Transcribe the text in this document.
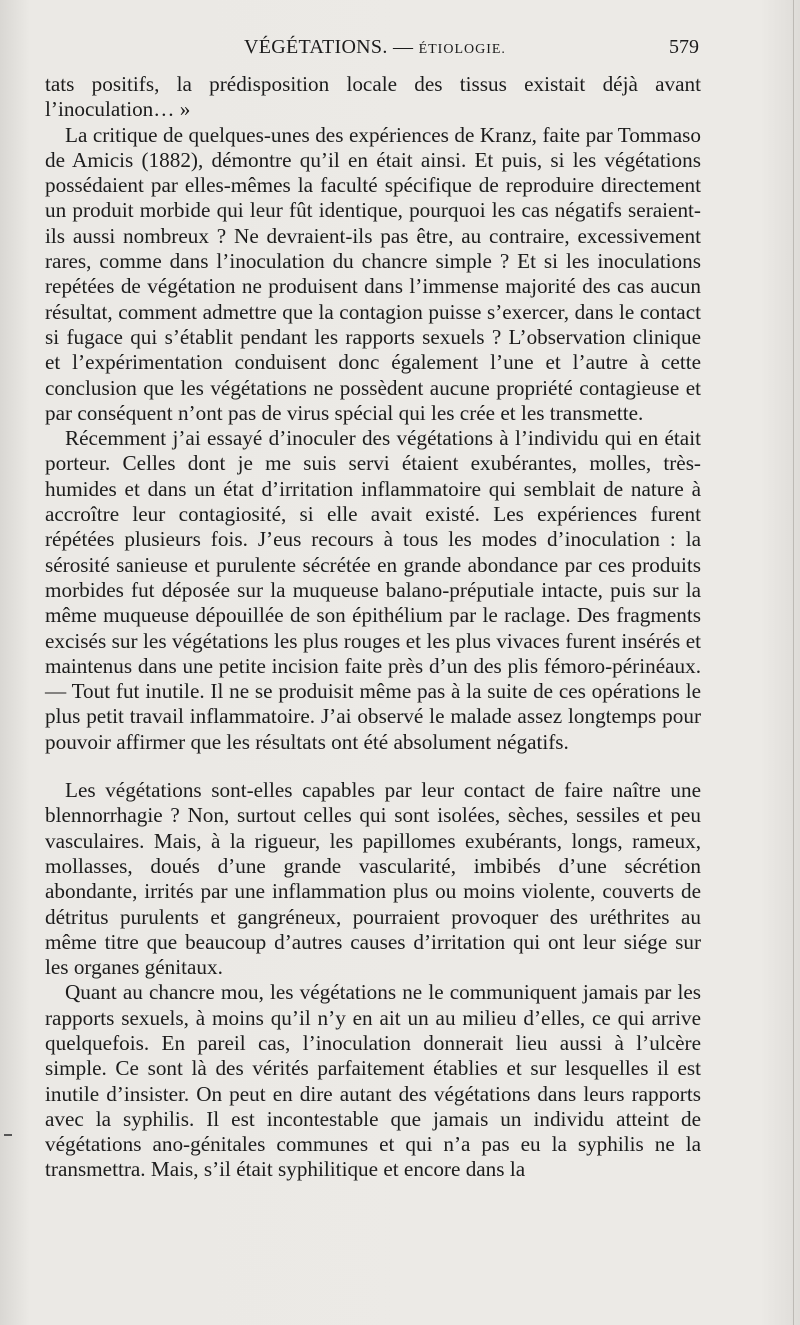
VÉGÉTATIONS. — ÉTIOLOGIE.	579

tats positifs, la prédisposition locale des tissus existait déjà avant l’inoculation… »

La critique de quelques-unes des expériences de Kranz, faite par Tommaso de Amicis (1882), démontre qu’il en était ainsi. Et puis, si les végétations possédaient par elles-mêmes la faculté spécifique de reproduire directement un produit morbide qui leur fût identique, pourquoi les cas négatifs seraient-ils aussi nombreux ? Ne devraient-ils pas être, au contraire, excessivement rares, comme dans l’inoculation du chancre simple ? Et si les inoculations repétées de végétation ne produisent dans l’immense majorité des cas aucun résultat, comment admettre que la contagion puisse s’exercer, dans le contact si fugace qui s’établit pendant les rapports sexuels ? L’observation clinique et l’expérimentation conduisent donc également l’une et l’autre à cette conclusion que les végétations ne possèdent aucune propriété contagieuse et par conséquent n’ont pas de virus spécial qui les crée et les transmette.

Récemment j’ai essayé d’inoculer des végétations à l’individu qui en était porteur. Celles dont je me suis servi étaient exubérantes, molles, très-humides et dans un état d’irritation inflammatoire qui semblait de nature à accroître leur contagiosité, si elle avait existé. Les expériences furent répétées plusieurs fois. J’eus recours à tous les modes d’inoculation : la sérosité sanieuse et purulente sécrétée en grande abondance par ces produits morbides fut déposée sur la muqueuse balano-préputiale intacte, puis sur la même muqueuse dépouillée de son épithélium par le raclage. Des fragments excisés sur les végétations les plus rouges et les plus vivaces furent insérés et maintenus dans une petite incision faite près d’un des plis fémoro-périnéaux. — Tout fut inutile. Il ne se produisit même pas à la suite de ces opérations le plus petit travail inflammatoire. J’ai observé le malade assez longtemps pour pouvoir affirmer que les résultats ont été absolument négatifs.

Les végétations sont-elles capables par leur contact de faire naître une blennorrhagie ? Non, surtout celles qui sont isolées, sèches, sessiles et peu vasculaires. Mais, à la rigueur, les papillomes exubérants, longs, rameux, mollasses, doués d’une grande vascularité, imbibés d’une sécrétion abondante, irrités par une inflammation plus ou moins violente, couverts de détritus purulents et gangréneux, pourraient provoquer des uréthrites au même titre que beaucoup d’autres causes d’irritation qui ont leur siége sur les organes génitaux.

Quant au chancre mou, les végétations ne le communiquent jamais par les rapports sexuels, à moins qu’il n’y en ait un au milieu d’elles, ce qui arrive quelquefois. En pareil cas, l’inoculation donnerait lieu aussi à l’ulcère simple. Ce sont là des vérités parfaitement établies et sur lesquelles il est inutile d’insister. On peut en dire autant des végétations dans leurs rapports avec la syphilis. Il est incontestable que jamais un individu atteint de végétations ano-génitales communes et qui n’a pas eu la syphilis ne la transmettra. Mais, s’il était syphilitique et encore dans la
